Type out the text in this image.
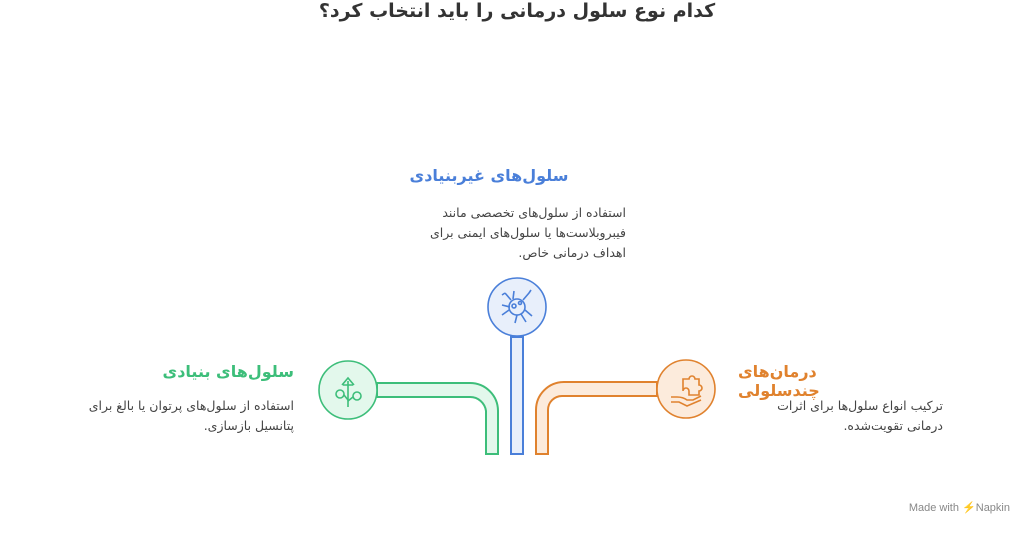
کدام نوع سلول درمانی را باید انتخاب کرد؟
سلول‌های غیربنیادی
استفاده از سلول‌های تخصصی مانند فیبروبلاست‌ها یا سلول‌های ایمنی برای اهداف درمانی خاص.
سلول‌های بنیادی
استفاده از سلول‌های پرتوان یا بالغ برای پتانسیل بازسازی.
درمان‌های چندسلولی
ترکیب انواع سلول‌ها برای اثرات درمانی تقویت‌شده.
Made with ⚡Napkin
